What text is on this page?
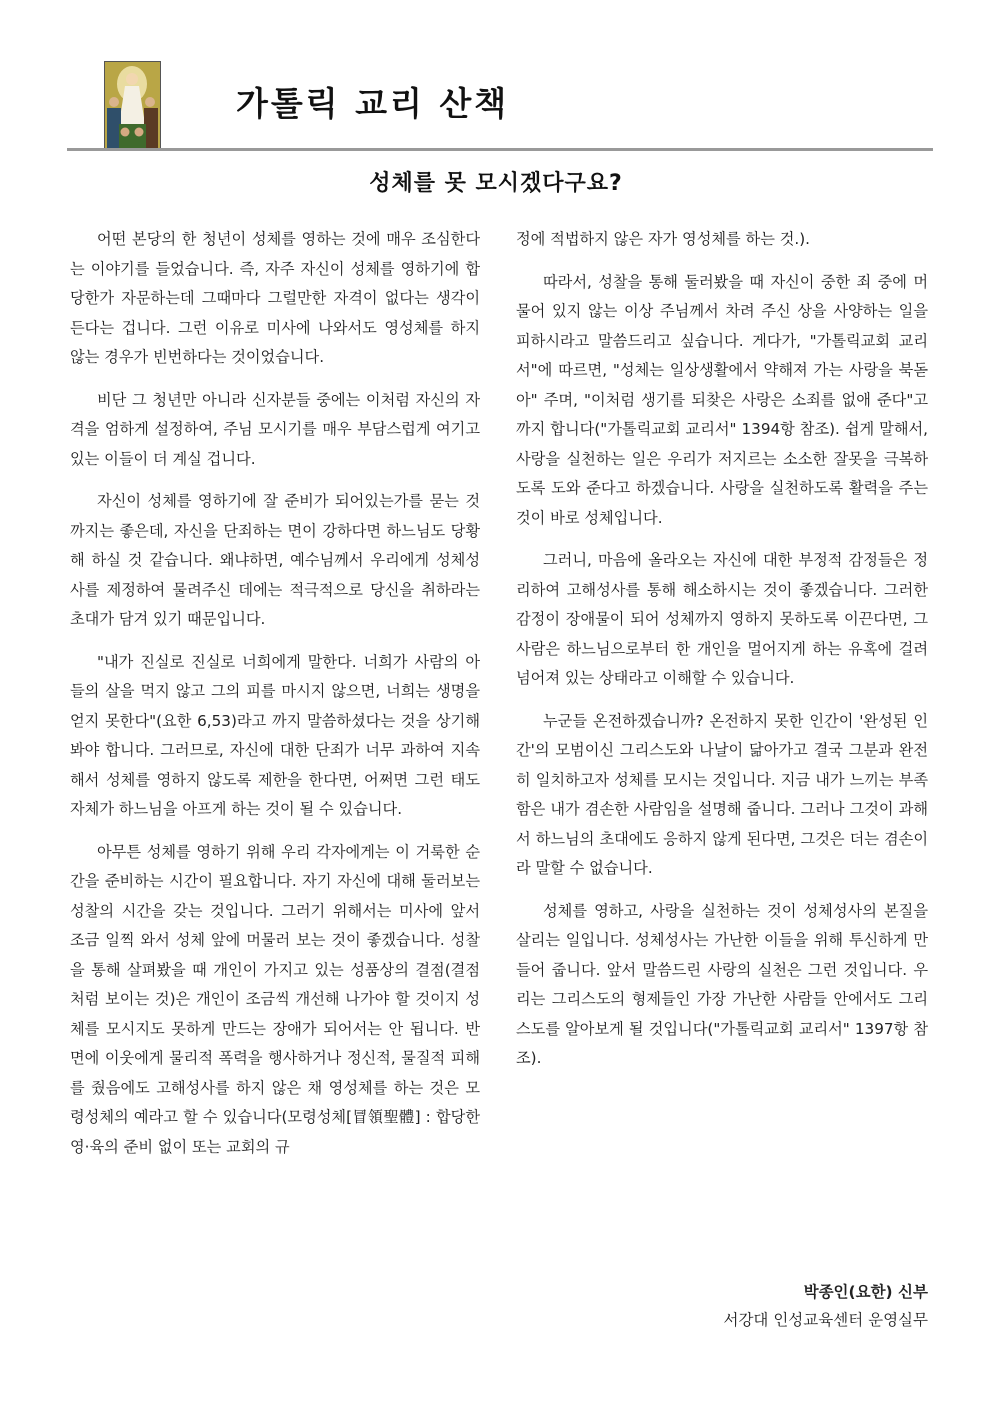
가톨릭 교리 산책
성체를 못 모시겠다구요?

어떤 본당의 한 청년이 성체를 영하는 것에 매우 조심한다는 이야기를 들었습니다. 즉, 자주 자신이 성체를 영하기에 합당한가 자문하는데 그때마다 그럴만한 자격이 없다는 생각이 든다는 겁니다. 그런 이유로 미사에 나와서도 영성체를 하지 않는 경우가 빈번하다는 것이었습니다.

비단 그 청년만 아니라 신자분들 중에는 이처럼 자신의 자격을 엄하게 설정하여, 주님 모시기를 매우 부담스럽게 여기고 있는 이들이 더 계실 겁니다.

자신이 성체를 영하기에 잘 준비가 되어있는가를 묻는 것까지는 좋은데, 자신을 단죄하는 면이 강하다면 하느님도 당황해 하실 것 같습니다. 왜냐하면, 예수님께서 우리에게 성체성사를 제정하여 물려주신 데에는 적극적으로 당신을 취하라는 초대가 담겨 있기 때문입니다.

"내가 진실로 진실로 너희에게 말한다. 너희가 사람의 아들의 살을 먹지 않고 그의 피를 마시지 않으면, 너희는 생명을 얻지 못한다"(요한 6,53)라고 까지 말씀하셨다는 것을 상기해 봐야 합니다. 그러므로, 자신에 대한 단죄가 너무 과하여 지속해서 성체를 영하지 않도록 제한을 한다면, 어쩌면 그런 태도 자체가 하느님을 아프게 하는 것이 될 수 있습니다.

아무튼 성체를 영하기 위해 우리 각자에게는 이 거룩한 순간을 준비하는 시간이 필요합니다. 자기 자신에 대해 둘러보는 성찰의 시간을 갖는 것입니다. 그러기 위해서는 미사에 앞서 조금 일찍 와서 성체 앞에 머물러 보는 것이 좋겠습니다. 성찰을 통해 살펴봤을 때 개인이 가지고 있는 성품상의 결점(결점처럼 보이는 것)은 개인이 조금씩 개선해 나가야 할 것이지 성체를 모시지도 못하게 만드는 장애가 되어서는 안 됩니다. 반면에 이웃에게 물리적 폭력을 행사하거나 정신적, 물질적 피해를 줬음에도 고해성사를 하지 않은 채 영성체를 하는 것은 모령성체의 예라고 할 수 있습니다(모령성체[冒領聖體] : 합당한 영·육의 준비 없이 또는 교회의 규

정에 적법하지 않은 자가 영성체를 하는 것.).

따라서, 성찰을 통해 둘러봤을 때 자신이 중한 죄 중에 머물어 있지 않는 이상 주님께서 차려 주신 상을 사양하는 일을 피하시라고 말씀드리고 싶습니다. 게다가, "가톨릭교회 교리서"에 따르면, "성체는 일상생활에서 약해져 가는 사랑을 북돋아" 주며, "이처럼 생기를 되찾은 사랑은 소죄를 없애 준다"고까지 합니다("가톨릭교회 교리서" 1394항 참조). 쉽게 말해서, 사랑을 실천하는 일은 우리가 저지르는 소소한 잘못을 극복하도록 도와 준다고 하겠습니다. 사랑을 실천하도록 활력을 주는 것이 바로 성체입니다.

그러니, 마음에 올라오는 자신에 대한 부정적 감정들은 정리하여 고해성사를 통해 해소하시는 것이 좋겠습니다. 그러한 감정이 장애물이 되어 성체까지 영하지 못하도록 이끈다면, 그 사람은 하느님으로부터 한 개인을 멀어지게 하는 유혹에 걸려 넘어져 있는 상태라고 이해할 수 있습니다.

누군들 온전하겠습니까? 온전하지 못한 인간이 '완성된 인간'의 모범이신 그리스도와 나날이 닮아가고 결국 그분과 완전히 일치하고자 성체를 모시는 것입니다. 지금 내가 느끼는 부족함은 내가 겸손한 사람임을 설명해 줍니다. 그러나 그것이 과해서 하느님의 초대에도 응하지 않게 된다면, 그것은 더는 겸손이라 말할 수 없습니다.

성체를 영하고, 사랑을 실천하는 것이 성체성사의 본질을 살리는 일입니다. 성체성사는 가난한 이들을 위해 투신하게 만들어 줍니다. 앞서 말씀드린 사랑의 실천은 그런 것입니다. 우리는 그리스도의 형제들인 가장 가난한 사람들 안에서도 그리스도를 알아보게 될 것입니다("가톨릭교회 교리서" 1397항 참조).

박종인(요한) 신부
서강대 인성교육센터 운영실무
